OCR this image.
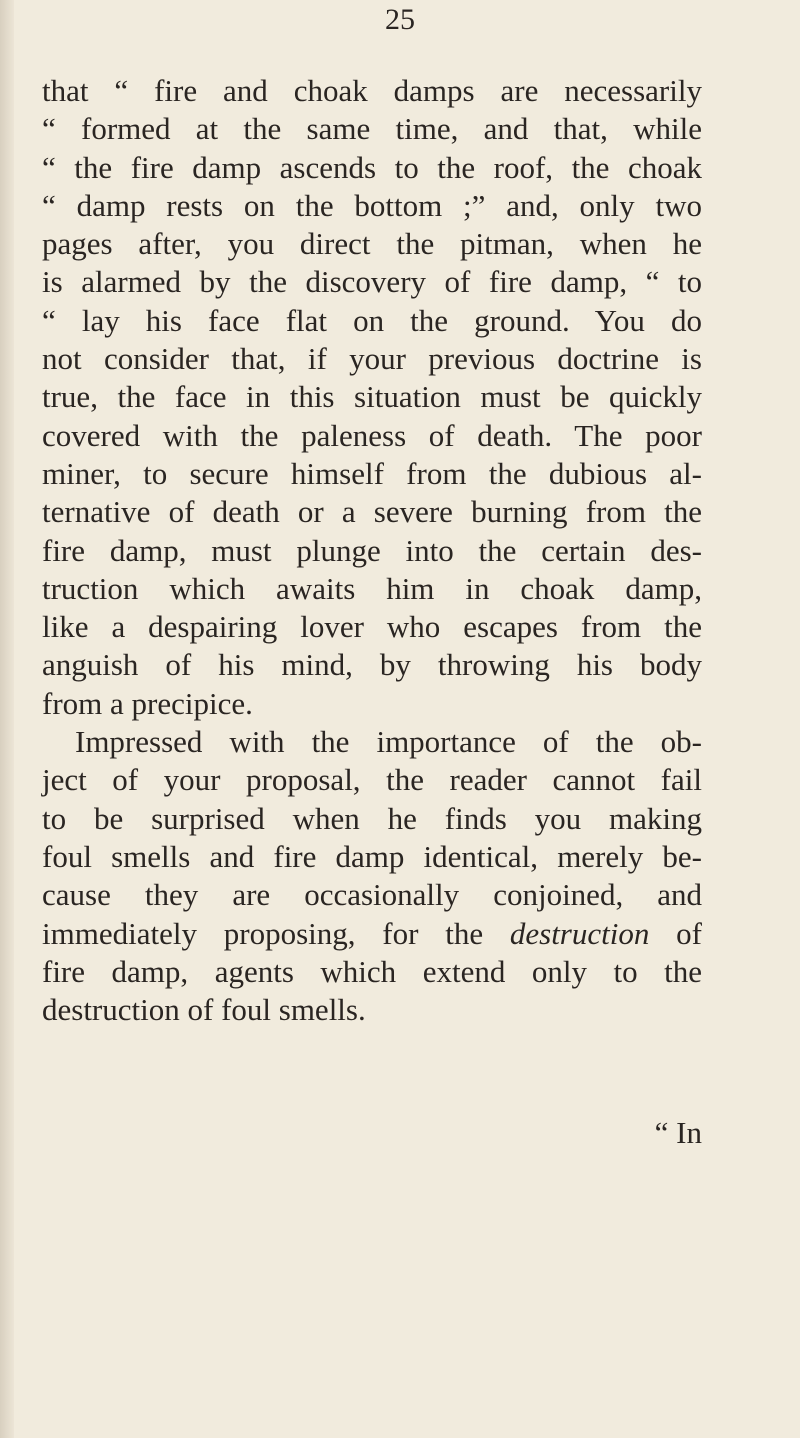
25
that “ fire and choak damps are necessarily
“ formed at the same time, and that, while
“ the fire damp ascends to the roof, the choak
“ damp rests on the bottom ;” and, only two
pages after, you direct the pitman, when he
is alarmed by the discovery of fire damp, “ to
“ lay his face flat on the ground. You do
not consider that, if your previous doctrine is
true, the face in this situation must be quickly
covered with the paleness of death. The poor
miner, to secure himself from the dubious al-
ternative of death or a severe burning from the
fire damp, must plunge into the certain des-
truction which awaits him in choak damp,
like a despairing lover who escapes from the
anguish of his mind, by throwing his body
from a precipice.
Impressed with the importance of the ob-
ject of your proposal, the reader cannot fail
to be surprised when he finds you making
foul smells and fire damp identical, merely be-
cause they are occasionally conjoined, and
immediately proposing, for the destruction of
fire damp, agents which extend only to the
destruction of foul smells.
“ In
